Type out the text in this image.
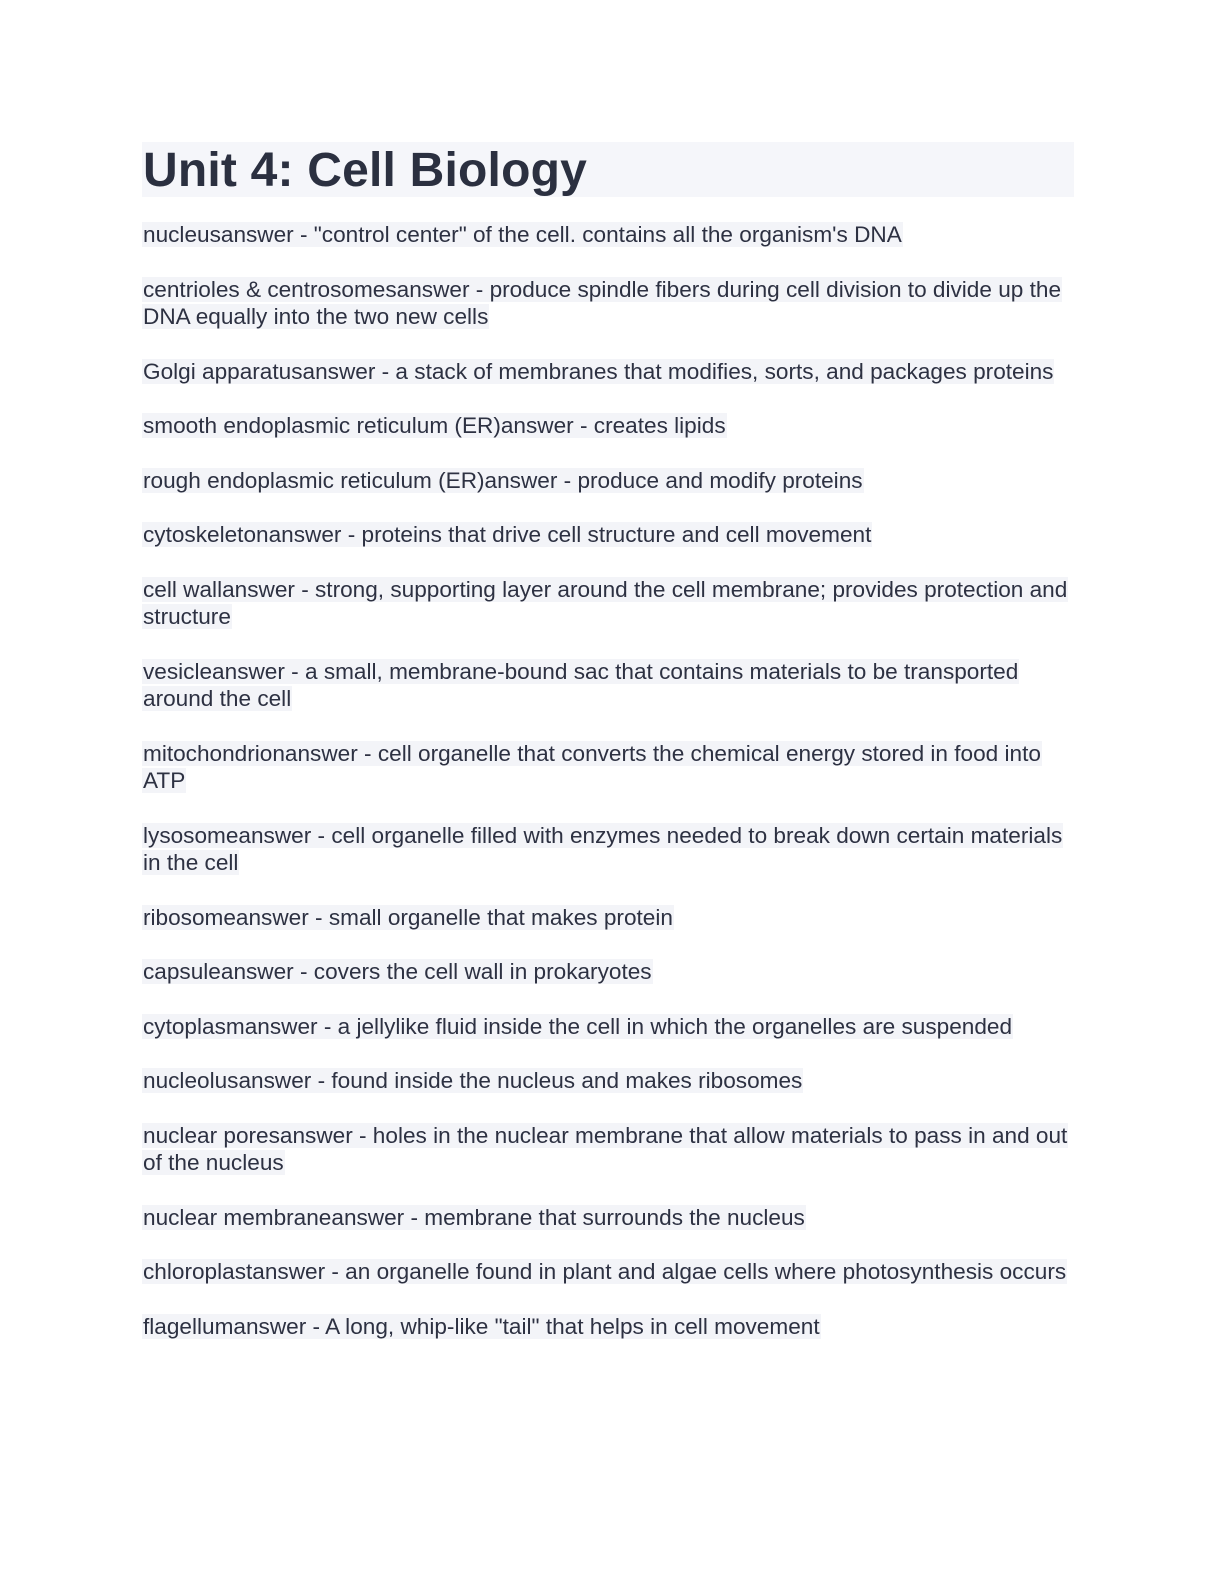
Unit 4: Cell Biology

nucleusanswer - "control center" of the cell. contains all the organism's DNA

centrioles & centrosomesanswer - produce spindle fibers during cell division to divide up the DNA equally into the two new cells

Golgi apparatusanswer - a stack of membranes that modifies, sorts, and packages proteins

smooth endoplasmic reticulum (ER)answer - creates lipids

rough endoplasmic reticulum (ER)answer - produce and modify proteins

cytoskeletonanswer - proteins that drive cell structure and cell movement

cell wallanswer - strong, supporting layer around the cell membrane; provides protection and structure

vesicleanswer - a small, membrane-bound sac that contains materials to be transported around the cell

mitochondrionanswer - cell organelle that converts the chemical energy stored in food into ATP

lysosomeanswer - cell organelle filled with enzymes needed to break down certain materials in the cell

ribosomeanswer - small organelle that makes protein

capsuleanswer - covers the cell wall in prokaryotes

cytoplasmanswer - a jellylike fluid inside the cell in which the organelles are suspended

nucleolusanswer - found inside the nucleus and makes ribosomes

nuclear poresanswer - holes in the nuclear membrane that allow materials to pass in and out of the nucleus

nuclear membraneanswer - membrane that surrounds the nucleus

chloroplastanswer - an organelle found in plant and algae cells where photosynthesis occurs

flagellumanswer - A long, whip-like "tail" that helps in cell movement
